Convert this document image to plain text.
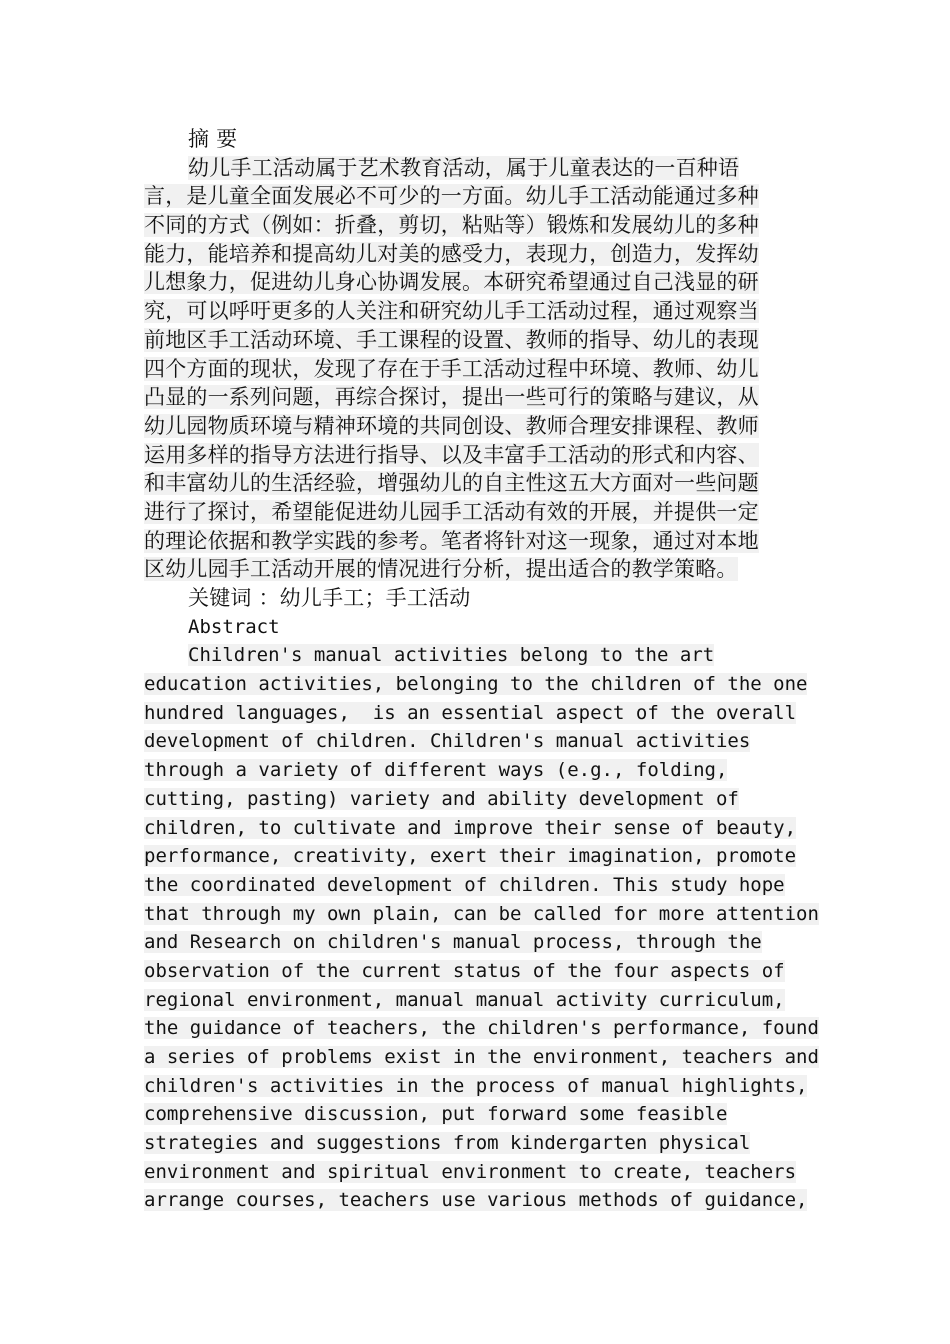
摘 要
幼儿手工活动属于艺术教育活动，属于儿童表达的一百种语
言，是儿童全面发展必不可少的一方面。幼儿手工活动能通过多种
不同的方式（例如：折叠，剪切，粘贴等）锻炼和发展幼儿的多种
能力，能培养和提高幼儿对美的感受力，表现力，创造力，发挥幼
儿想象力，促进幼儿身心协调发展。本研究希望通过自己浅显的研
究，可以呼吁更多的人关注和研究幼儿手工活动过程，通过观察当
前地区手工活动环境、手工课程的设置、教师的指导、幼儿的表现
四个方面的现状，发现了存在于手工活动过程中环境、教师、幼儿
凸显的一系列问题，再综合探讨，提出一些可行的策略与建议，从
幼儿园物质环境与精神环境的共同创设、教师合理安排课程、教师
运用多样的指导方法进行指导、以及丰富手工活动的形式和内容、
和丰富幼儿的生活经验，增强幼儿的自主性这五大方面对一些问题
进行了探讨，希望能促进幼儿园手工活动有效的开展，并提供一定
的理论依据和教学实践的参考。笔者将针对这一现象，通过对本地
区幼儿园手工活动开展的情况进行分析，提出适合的教学策略。
关键词 ：幼儿手工；手工活动
Abstract
Children's manual activities belong to the art
education activities, belonging to the children of the one
hundred languages,  is an essential aspect of the overall
development of children. Children's manual activities
through a variety of different ways (e.g., folding,
cutting, pasting) variety and ability development of
children, to cultivate and improve their sense of beauty,
performance, creativity, exert their imagination, promote
the coordinated development of children. This study hope
that through my own plain, can be called for more attention
and Research on children's manual process, through the
observation of the current status of the four aspects of
regional environment, manual manual activity curriculum,
the guidance of teachers, the children's performance, found
a series of problems exist in the environment, teachers and
children's activities in the process of manual highlights,
comprehensive discussion, put forward some feasible
strategies and suggestions from kindergarten physical
environment and spiritual environment to create, teachers
arrange courses, teachers use various methods of guidance,
